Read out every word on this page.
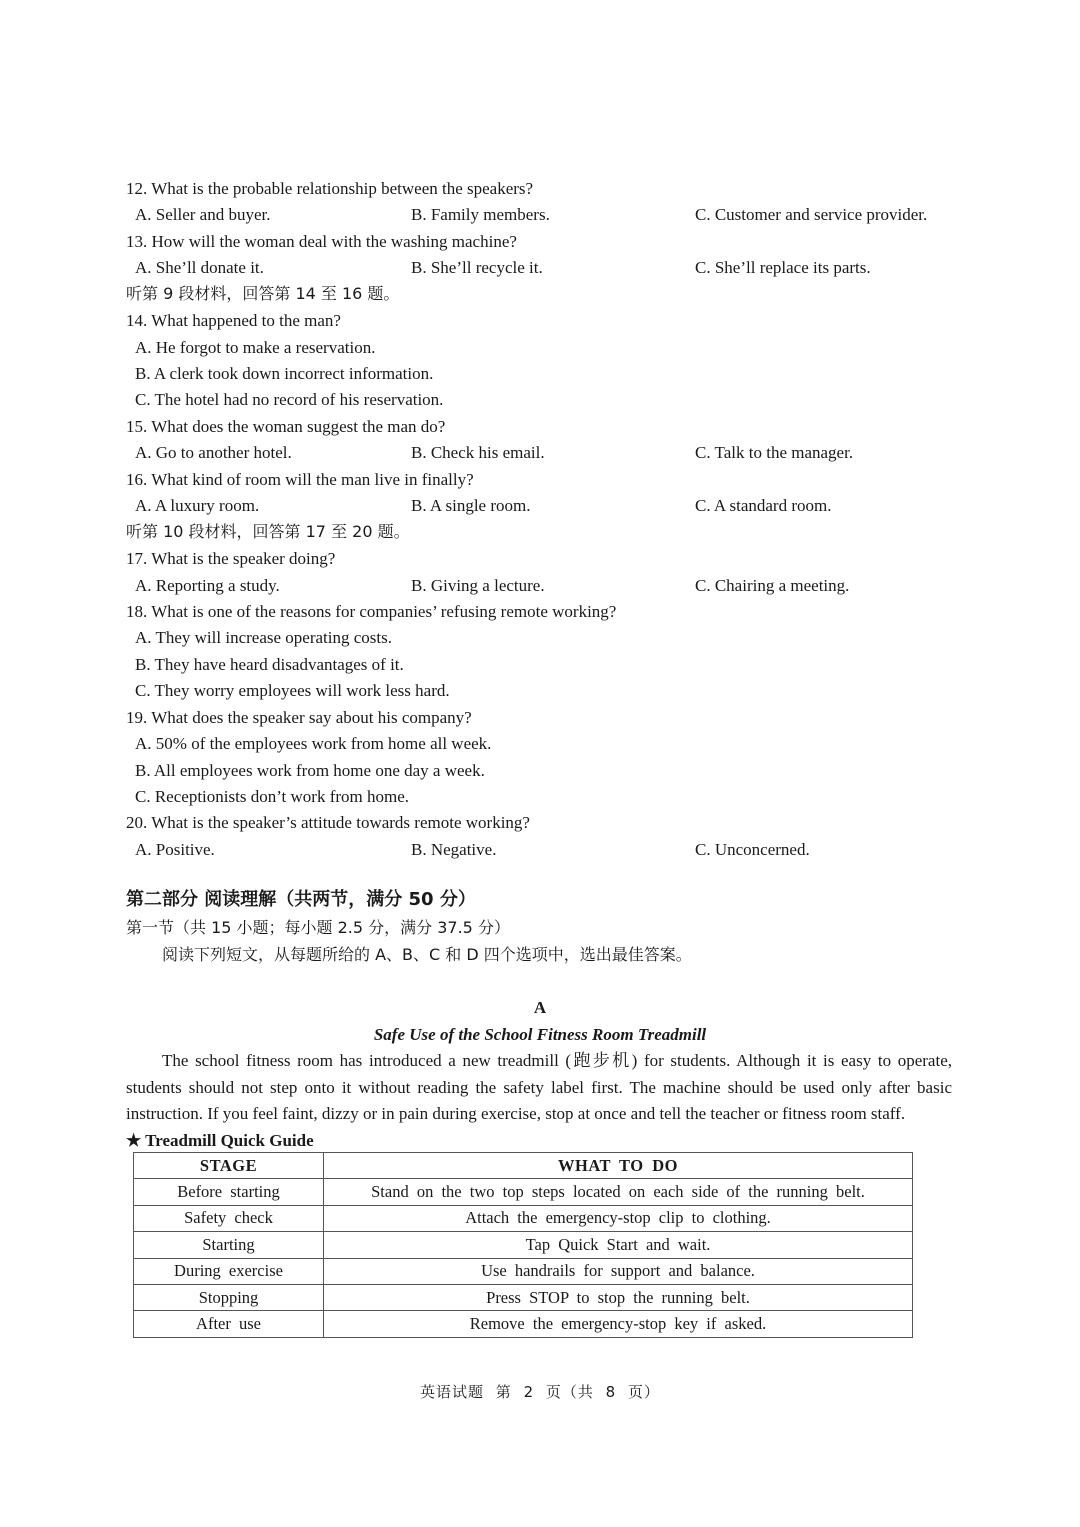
12. What is the probable relationship between the speakers?
A. Seller and buyer.	B. Family members.	C. Customer and service provider.
13. How will the woman deal with the washing machine?
A. She’ll donate it.	B. She’ll recycle it.	C. She’ll replace its parts.
听第 9 段材料，回答第 14 至 16 题。
14. What happened to the man?
A. He forgot to make a reservation.
B. A clerk took down incorrect information.
C. The hotel had no record of his reservation.
15. What does the woman suggest the man do?
A. Go to another hotel.	B. Check his email.	C. Talk to the manager.
16. What kind of room will the man live in finally?
A. A luxury room.	B. A single room.	C. A standard room.
听第 10 段材料，回答第 17 至 20 题。
17. What is the speaker doing?
A. Reporting a study.	B. Giving a lecture.	C. Chairing a meeting.
18. What is one of the reasons for companies’ refusing remote working?
A. They will increase operating costs.
B. They have heard disadvantages of it.
C. They worry employees will work less hard.
19. What does the speaker say about his company?
A. 50% of the employees work from home all week.
B. All employees work from home one day a week.
C. Receptionists don’t work from home.
20. What is the speaker’s attitude towards remote working?
A. Positive.	B. Negative.	C. Unconcerned.
第二部分 阅读理解（共两节，满分 50 分）
第一节（共 15 小题；每小题 2.5 分，满分 37.5 分）
阅读下列短文，从每题所给的 A、B、C 和 D 四个选项中，选出最佳答案。
A
Safe Use of the School Fitness Room Treadmill

The school fitness room has introduced a new treadmill (跑步机) for students. Although it is easy to operate, students should not step onto it without reading the safety label first. The machine should be used only after basic instruction. If you feel faint, dizzy or in pain during exercise, stop at once and tell the teacher or fitness room staff.

★ Treadmill Quick Guide
STAGE	WHAT TO DO
Before starting	Stand on the two top steps located on each side of the running belt.
Safety check	Attach the emergency-stop clip to clothing.
Starting	Tap Quick Start and wait.
During exercise	Use handrails for support and balance.
Stopping	Press STOP to stop the running belt.
After use	Remove the emergency-stop key if asked.
英语试题 第 2 页（共 8 页）
